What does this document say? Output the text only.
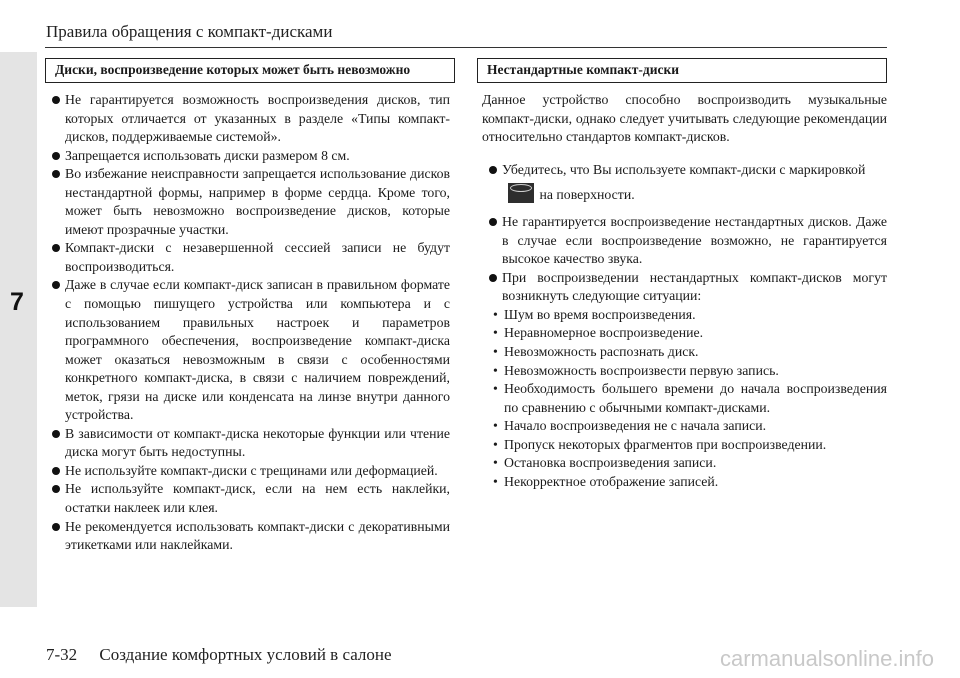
7
Правила обращения с компакт-дисками
Диски, воспроизведение которых может быть невозможно

Не гарантируется возможность воспроизведения дисков, тип которых отличается от указанных в разделе «Типы компакт-дисков, поддерживаемые системой».

Запрещается использовать диски размером 8 см.

Во избежание неисправности запрещается использование дисков нестандартной формы, например в форме сердца. Кроме того, может быть невозможно воспроизведение дисков, которые имеют прозрачные участки.

Компакт-диски с незавершенной сессией записи не будут воспроизводиться.

Даже в случае если компакт-диск записан в правильном формате с помощью пишущего устройства или компьютера и с использованием правильных настроек и параметров программного обеспечения, воспроизведение компакт-диска может оказаться невозможным в связи с особенностями конкретного компакт-диска, в связи с наличием повреждений, меток, грязи на диске или конденсата на линзе внутри данного устройства.

В зависимости от компакт-диска некоторые функции или чтение диска могут быть недоступны.

Не используйте компакт-диски с трещинами или деформацией.

Не используйте компакт-диск, если на нем есть наклейки, остатки наклеек или клея.

Не рекомендуется использовать компакт-диски с декоративными этикетками или наклейками.

Нестандартные компакт-диски

Данное устройство способно воспроизводить музыкальные компакт-диски, однако следует учитывать следующие рекомендации относительно стандартов компакт-дисков.

Убедитесь, что Вы используете компакт-диски с маркировкой

на поверхности.

Не гарантируется воспроизведение нестандартных дисков. Даже в случае если воспроизведение возможно, не гарантируется высокое качество звука.

При воспроизведении нестандартных компакт-дисков могут возникнуть следующие ситуации:

• Шум во время воспроизведения.

• Неравномерное воспроизведение.

• Невозможность распознать диск.

• Невозможность воспроизвести первую запись.

• Необходимость большего времени до начала воспроизведения по сравнению с обычными компакт-дисками.

• Начало воспроизведения не с начала записи.

• Пропуск некоторых фрагментов при воспроизведении.

• Остановка воспроизведения записи.

• Некорректное отображение записей.

7-32 Создание комфортных условий в салоне	carmanualsonline.info
